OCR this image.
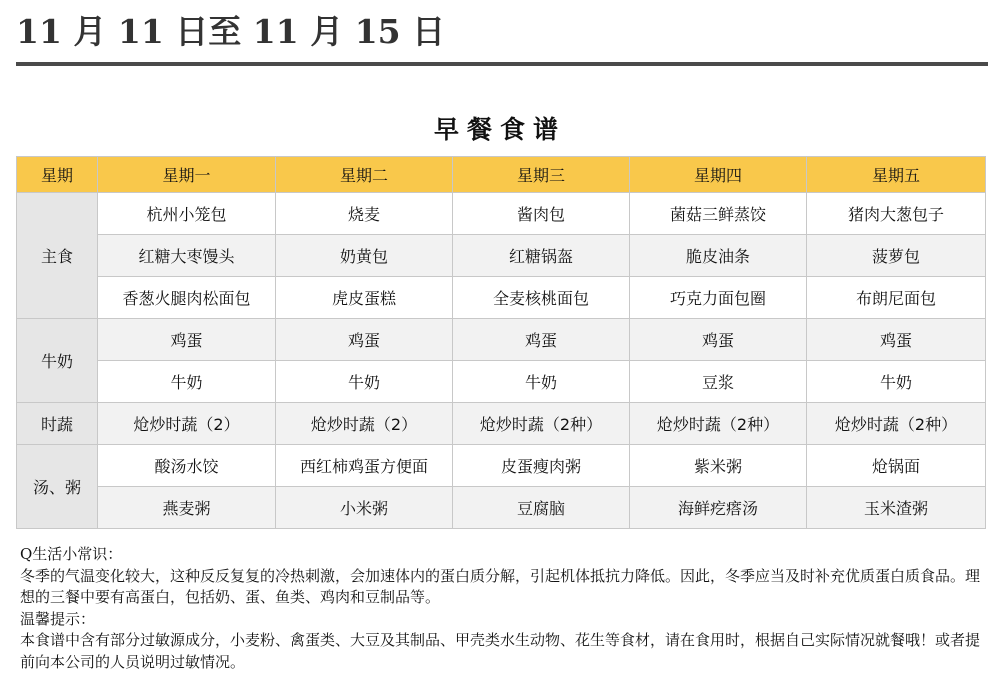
11 月 11 日至 11 月 15 日
早餐食谱
星期	星期一	星期二	星期三	星期四	星期五
主食	杭州小笼包	烧麦	酱肉包	菌菇三鲜蒸饺	猪肉大葱包子
	红糖大枣馒头	奶黄包	红糖锅盔	脆皮油条	菠萝包
	香葱火腿肉松面包	虎皮蛋糕	全麦核桃面包	巧克力面包圈	布朗尼面包
牛奶	鸡蛋	鸡蛋	鸡蛋	鸡蛋	鸡蛋
	牛奶	牛奶	牛奶	豆浆	牛奶
时蔬	炝炒时蔬（2）	炝炒时蔬（2）	炝炒时蔬（2种）	炝炒时蔬（2种）	炝炒时蔬（2种）
汤、粥	酸汤水饺	西红柿鸡蛋方便面	皮蛋瘦肉粥	紫米粥	炝锅面
	燕麦粥	小米粥	豆腐脑	海鲜疙瘩汤	玉米渣粥

Q生活小常识：

冬季的气温变化较大，这种反反复复的冷热刺激，会加速体内的蛋白质分解，引起机体抵抗力降低。因此，冬季应当及时补充优质蛋白质食品。理想的三餐中要有高蛋白，包括奶、蛋、鱼类、鸡肉和豆制品等。

温馨提示：

本食谱中含有部分过敏源成分，小麦粉、禽蛋类、大豆及其制品、甲壳类水生动物、花生等食材，请在食用时，根据自己实际情况就餐哦！或者提前向本公司的人员说明过敏情况。
